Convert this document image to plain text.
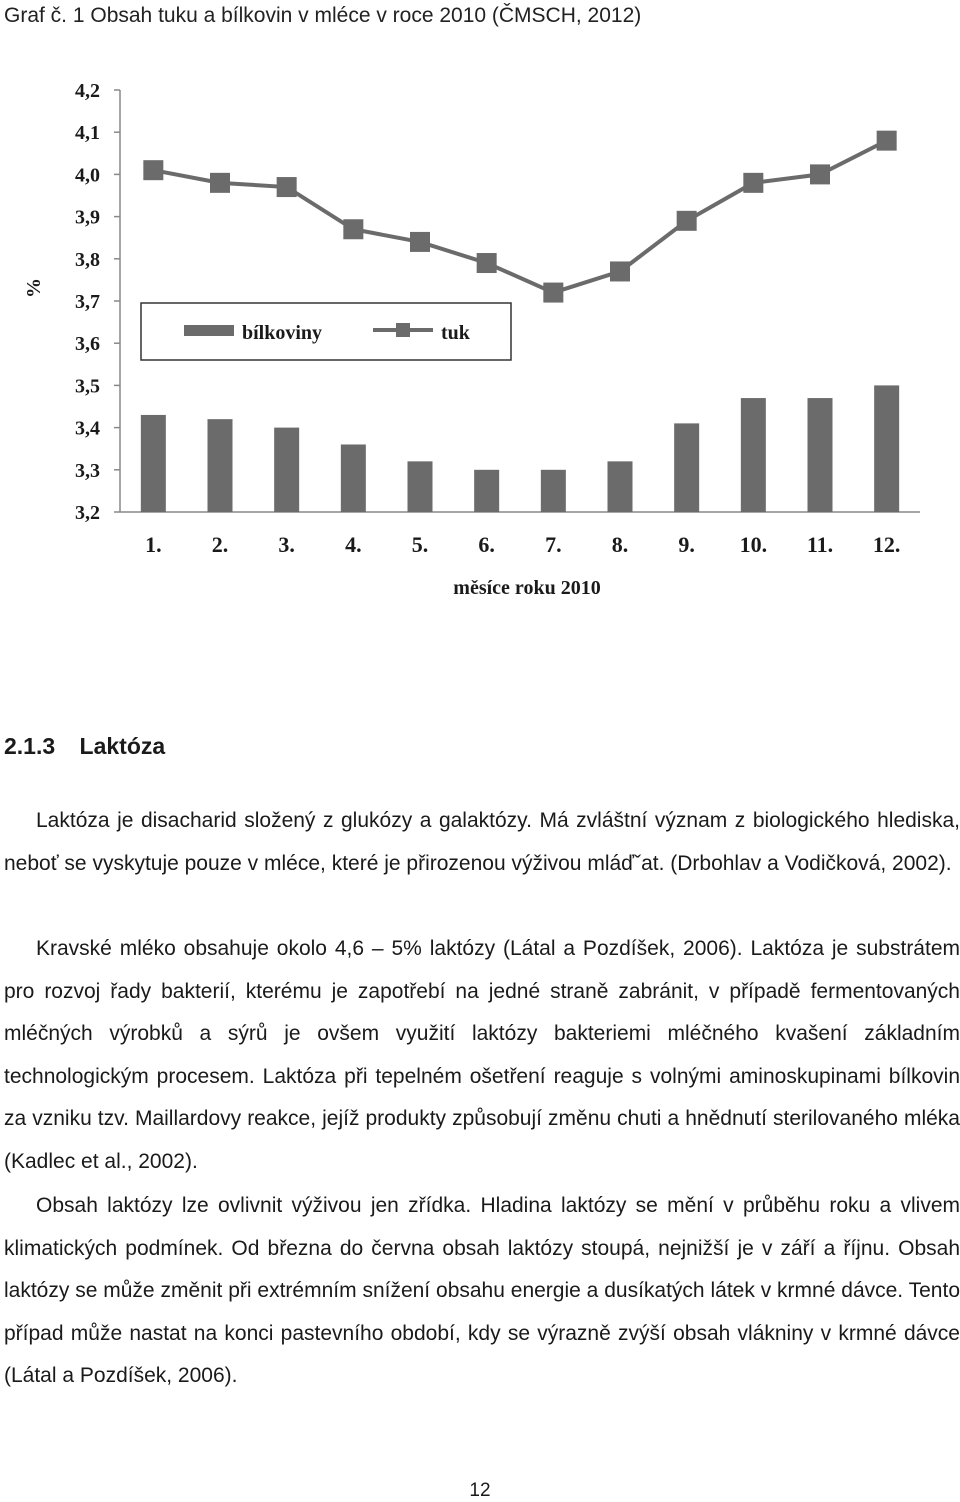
Graf č. 1 Obsah tuku a bílkovin v mléce v roce 2010 (ČMSCH, 2012)
3,2
3,3
3,4
3,5
3,6
3,7
3,8
3,9
4,0
4,1
4,2
1. 2. 3. 4. 5. 6. 7. 8. 9. 10. 11. 12.
bílkoviny	tuk
%
měsíce roku 2010
2.1.3 Laktóza

Laktóza je disacharid složený z glukózy a galaktózy. Má zvláštní význam z biologického hlediska, neboť se vyskytuje pouze v mléce, které je přirozenou výživou mláďˇat. (Drbohlav a Vodičková, 2002).

Kravské mléko obsahuje okolo 4,6 – 5% laktózy (Látal a Pozdíšek, 2006). Laktóza je substrátem pro rozvoj řady bakterií, kterému je zapotřebí na jedné straně zabránit, v případě fermentovaných mléčných výrobků a sýrů je ovšem využití laktózy bakteriemi mléčného kvašení základním technologickým procesem. Laktóza při tepelném ošetření reaguje s volnými aminoskupinami bílkovin za vzniku tzv. Maillardovy reakce, jejíž produkty způsobují změnu chuti a hnědnutí sterilovaného mléka (Kadlec et al., 2002).

Obsah laktózy lze ovlivnit výživou jen zřídka. Hladina laktózy se mění v průběhu roku a vlivem klimatických podmínek. Od března do června obsah laktózy stoupá, nejnižší je v září a říjnu. Obsah laktózy se může změnit při extrémním snížení obsahu energie a dusíkatých látek v krmné dávce. Tento případ může nastat na konci pastevního období, kdy se výrazně zvýší obsah vlákniny v krmné dávce (Látal a Pozdíšek, 2006).

12
